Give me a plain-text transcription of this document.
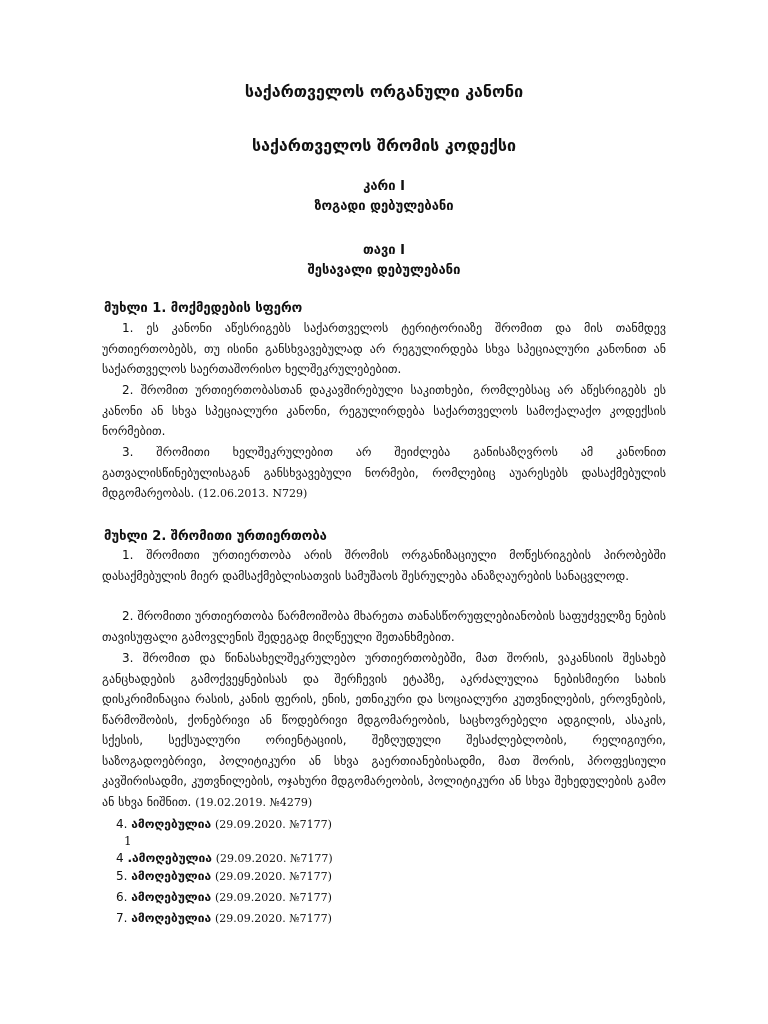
საქართველოს ორგანული კანონი
საქართველოს შრომის კოდექსი
კარი I
ზოგადი დებულებანი
თავი I
შესავალი დებულებანი
მუხლი 1. მოქმედების სფერო

1. ეს კანონი აწესრიგებს საქართველოს ტერიტორიაზე შრომით და მის თანმდევ ურთიერთობებს, თუ ისინი განსხვავებულად არ რეგულირდება სხვა სპეციალური კანონით ან საქართველოს საერთაშორისო ხელშეკრულებებით.

2. შრომით ურთიერთობასთან დაკავშირებული საკითხები, რომლებსაც არ აწესრიგებს ეს კანონი ან სხვა სპეციალური კანონი, რეგულირდება საქართველოს სამოქალაქო კოდექსის ნორმებით.

3. შრომითი ხელშეკრულებით არ შეიძლება განისაზღვროს ამ კანონით გათვალისწინებულისაგან განსხვავებული ნორმები, რომლებიც აუარესებს დასაქმებულის მდგომარეობას. (12.06.2013. N729)

მუხლი 2. შრომითი ურთიერთობა

1. შრომითი ურთიერთობა არის შრომის ორგანიზაციული მოწესრიგების პირობებში დასაქმებულის მიერ დამსაქმებლისათვის სამუშაოს შესრულება ანაზღაურების სანაცვლოდ.

2. შრომითი ურთიერთობა წარმოიშობა მხარეთა თანასწორუფლებიანობის საფუძველზე ნების თავისუფალი გამოვლენის შედეგად მიღწეული შეთანხმებით.

3. შრომით და წინასახელშეკრულებო ურთიერთობებში, მათ შორის, ვაკანსიის შესახებ განცხადების გამოქვეყნებისას და შერჩევის ეტაპზე, აკრძალულია ნებისმიერი სახის დისკრიმინაცია რასის, კანის ფერის, ენის, ეთნიკური და სოციალური კუთვნილების, ეროვნების, წარმოშობის, ქონებრივი ან წოდებრივი მდგომარეობის, საცხოვრებელი ადგილის, ასაკის, სქესის, სექსუალური ორიენტაციის, შეზღუდული შესაძლებლობის, რელიგიური, საზოგადოებრივი, პოლიტიკური ან სხვა გაერთიანებისადმი, მათ შორის, პროფესიული კავშირისადმი, კუთვნილების, ოჯახური მდგომარეობის, პოლიტიკური ან სხვა შეხედულების გამო ან სხვა ნიშნით. (19.02.2019. №4279)

4. ამოღებულია (29.09.2020. №7177)
1
4 .ამოღებულია (29.09.2020. №7177)
5. ამოღებულია (29.09.2020. №7177)
6. ამოღებულია (29.09.2020. №7177)
7. ამოღებულია (29.09.2020. №7177)
